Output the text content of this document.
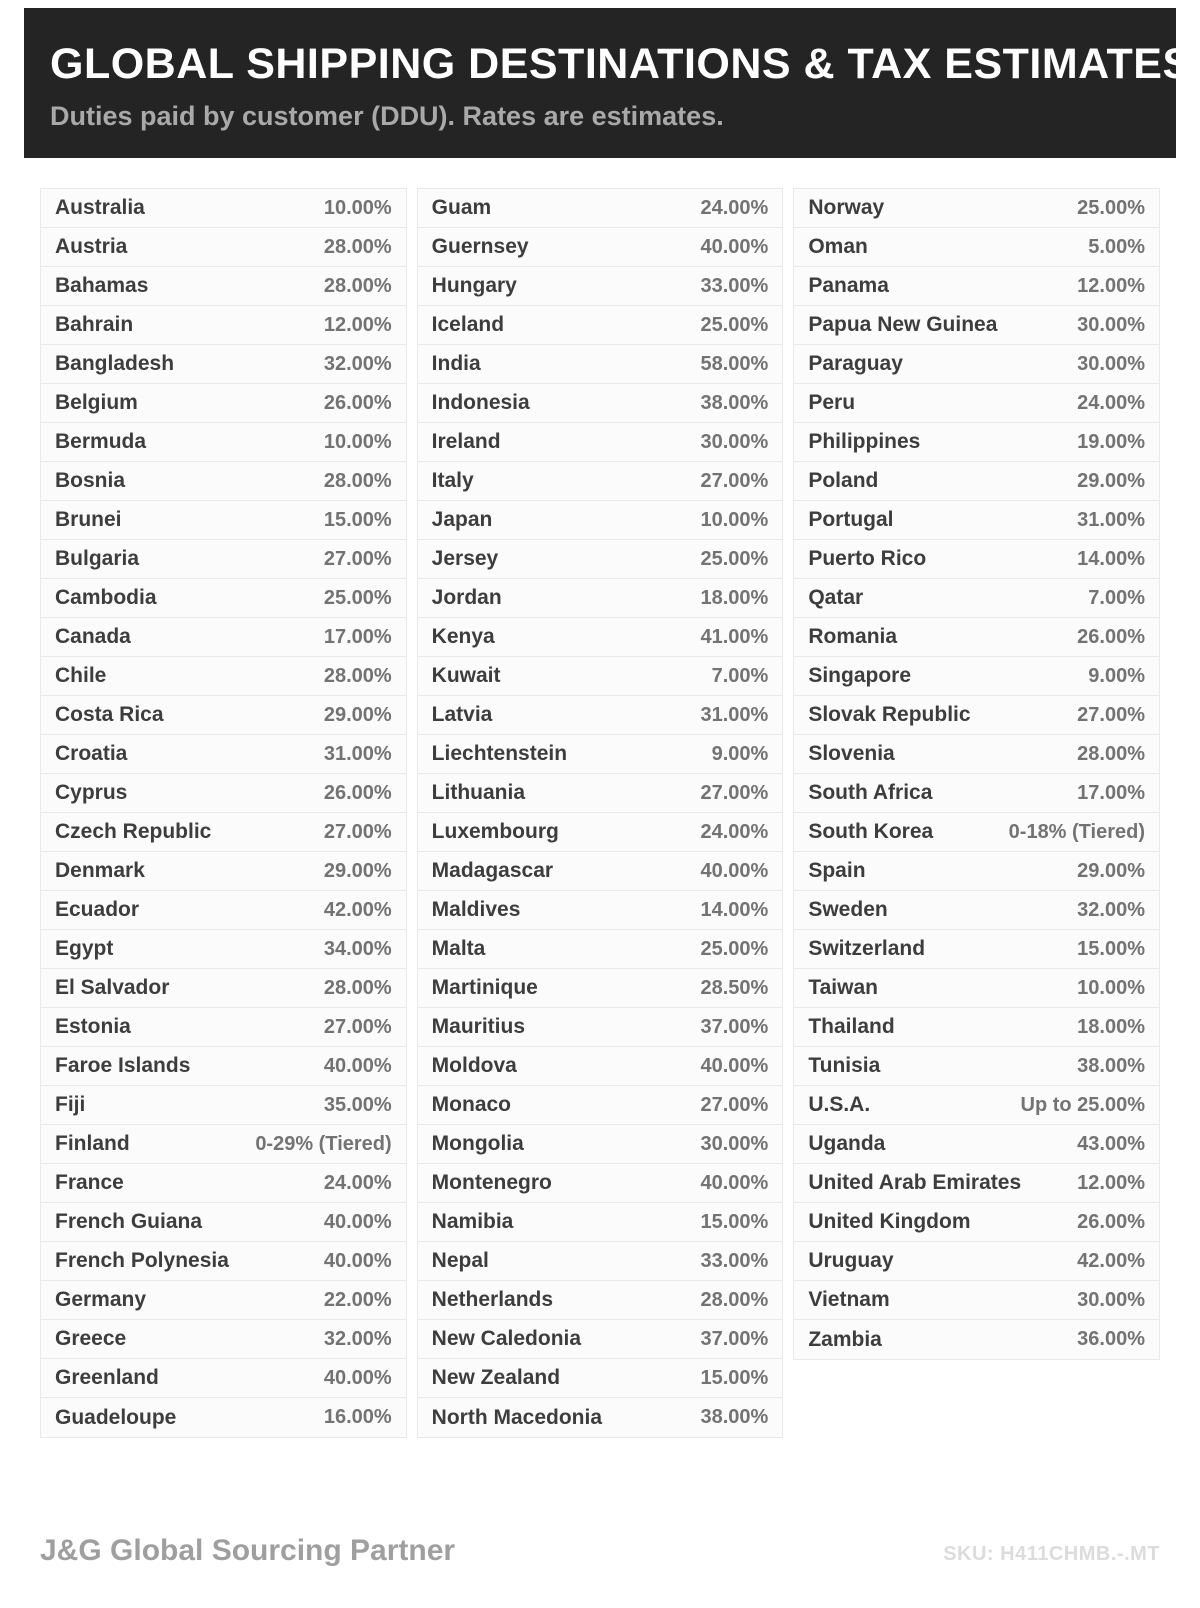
GLOBAL SHIPPING DESTINATIONS & TAX ESTIMATES

Duties paid by customer (DDU). Rates are estimates.

Australia	10.00%
Austria	28.00%
Bahamas	28.00%
Bahrain	12.00%
Bangladesh	32.00%
Belgium	26.00%
Bermuda	10.00%
Bosnia	28.00%
Brunei	15.00%
Bulgaria	27.00%
Cambodia	25.00%
Canada	17.00%
Chile	28.00%
Costa Rica	29.00%
Croatia	31.00%
Cyprus	26.00%
Czech Republic	27.00%
Denmark	29.00%
Ecuador	42.00%
Egypt	34.00%
El Salvador	28.00%
Estonia	27.00%
Faroe Islands	40.00%
Fiji	35.00%
Finland	0-29% (Tiered)
France	24.00%
French Guiana	40.00%
French Polynesia	40.00%
Germany	22.00%
Greece	32.00%
Greenland	40.00%
Guadeloupe	16.00%
Guam	24.00%
Guernsey	40.00%
Hungary	33.00%
Iceland	25.00%
India	58.00%
Indonesia	38.00%
Ireland	30.00%
Italy	27.00%
Japan	10.00%
Jersey	25.00%
Jordan	18.00%
Kenya	41.00%
Kuwait	7.00%
Latvia	31.00%
Liechtenstein	9.00%
Lithuania	27.00%
Luxembourg	24.00%
Madagascar	40.00%
Maldives	14.00%
Malta	25.00%
Martinique	28.50%
Mauritius	37.00%
Moldova	40.00%
Monaco	27.00%
Mongolia	30.00%
Montenegro	40.00%
Namibia	15.00%
Nepal	33.00%
Netherlands	28.00%
New Caledonia	37.00%
New Zealand	15.00%
North Macedonia	38.00%
Norway	25.00%
Oman	5.00%
Panama	12.00%
Papua New Guinea	30.00%
Paraguay	30.00%
Peru	24.00%
Philippines	19.00%
Poland	29.00%
Portugal	31.00%
Puerto Rico	14.00%
Qatar	7.00%
Romania	26.00%
Singapore	9.00%
Slovak Republic	27.00%
Slovenia	28.00%
South Africa	17.00%
South Korea	0-18% (Tiered)
Spain	29.00%
Sweden	32.00%
Switzerland	15.00%
Taiwan	10.00%
Thailand	18.00%
Tunisia	38.00%
U.S.A.	Up to 25.00%
Uganda	43.00%
United Arab Emirates	12.00%
United Kingdom	26.00%
Uruguay	42.00%
Vietnam	30.00%
Zambia	36.00%
J&G Global Sourcing Partner	SKU: H411CHMB.-.MT
